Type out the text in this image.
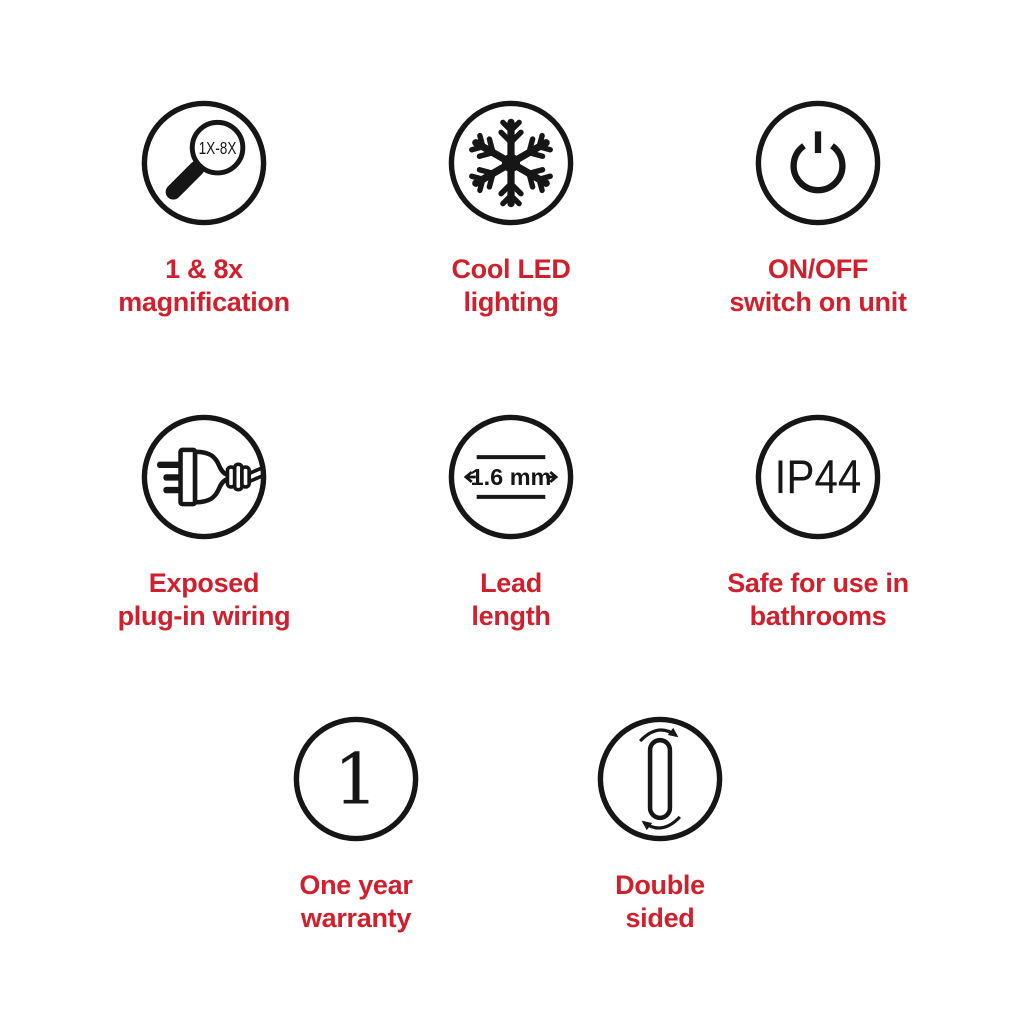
1X-8X
1 & 8x
magnification
Cool LED
lighting
ON/OFF
switch on unit
Exposed
plug-in wiring
1.6 mm
Lead
length
IP44
Safe for use in
bathrooms
1
One year
warranty
Double
sided
